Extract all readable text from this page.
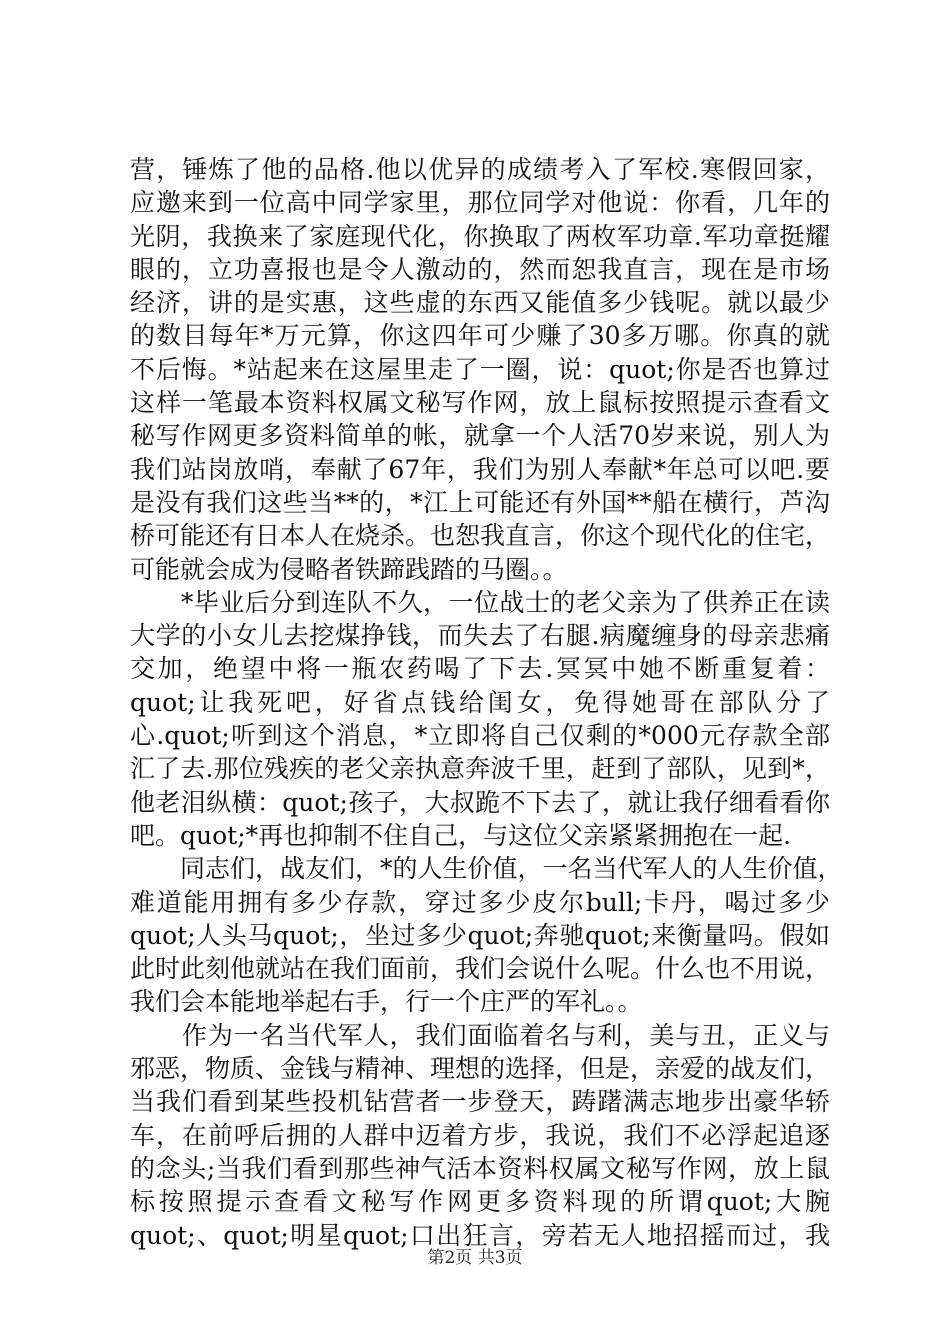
营，锤炼了他的品格.他以优异的成绩考入了军校.寒假回家，
应邀来到一位高中同学家里，那位同学对他说：你看，几年的
光阴，我换来了家庭现代化，你换取了两枚军功章.军功章挺耀
眼的，立功喜报也是令人激动的，然而恕我直言，现在是市场
经济，讲的是实惠，这些虚的东西又能值多少钱呢。就以最少
的数目每年*万元算，你这四年可少赚了30多万哪。你真的就
不后悔。*站起来在这屋里走了一圈，说：quot;你是否也算过
这样一笔最本资料权属文秘写作网，放上鼠标按照提示查看文
秘写作网更多资料简单的帐，就拿一个人活70岁来说，别人为
我们站岗放哨，奉献了67年，我们为别人奉献*年总可以吧.要
是没有我们这些当**的，*江上可能还有外国**船在横行，芦沟
桥可能还有日本人在烧杀。也恕我直言，你这个现代化的住宅，
可能就会成为侵略者铁蹄践踏的马圈。。
　　*毕业后分到连队不久，一位战士的老父亲为了供养正在读
大学的小女儿去挖煤挣钱，而失去了右腿.病魔缠身的母亲悲痛
交加，绝望中将一瓶农药喝了下去.冥冥中她不断重复着：
quot;让我死吧，好省点钱给闺女，免得她哥在部队分了
心.quot;听到这个消息，*立即将自己仅剩的*000元存款全部
汇了去.那位残疾的老父亲执意奔波千里，赶到了部队，见到*，
他老泪纵横：quot;孩子，大叔跪不下去了，就让我仔细看看你
吧。quot;*再也抑制不住自己，与这位父亲紧紧拥抱在一起.
　　同志们，战友们，*的人生价值，一名当代军人的人生价值，
难道能用拥有多少存款，穿过多少皮尔bull;卡丹，喝过多少
quot;人头马quot;，坐过多少quot;奔驰quot;来衡量吗。假如
此时此刻他就站在我们面前，我们会说什么呢。什么也不用说，
我们会本能地举起右手，行一个庄严的军礼。。
　　作为一名当代军人，我们面临着名与利，美与丑，正义与
邪恶，物质、金钱与精神、理想的选择，但是，亲爱的战友们，
当我们看到某些投机钻营者一步登天，踌躇满志地步出豪华轿
车，在前呼后拥的人群中迈着方步，我说，我们不必浮起追逐
的念头;当我们看到那些神气活本资料权属文秘写作网，放上鼠
标按照提示查看文秘写作网更多资料现的所谓quot;大腕
quot;、quot;明星quot;口出狂言，旁若无人地招摇而过，我
第2页 共3页
